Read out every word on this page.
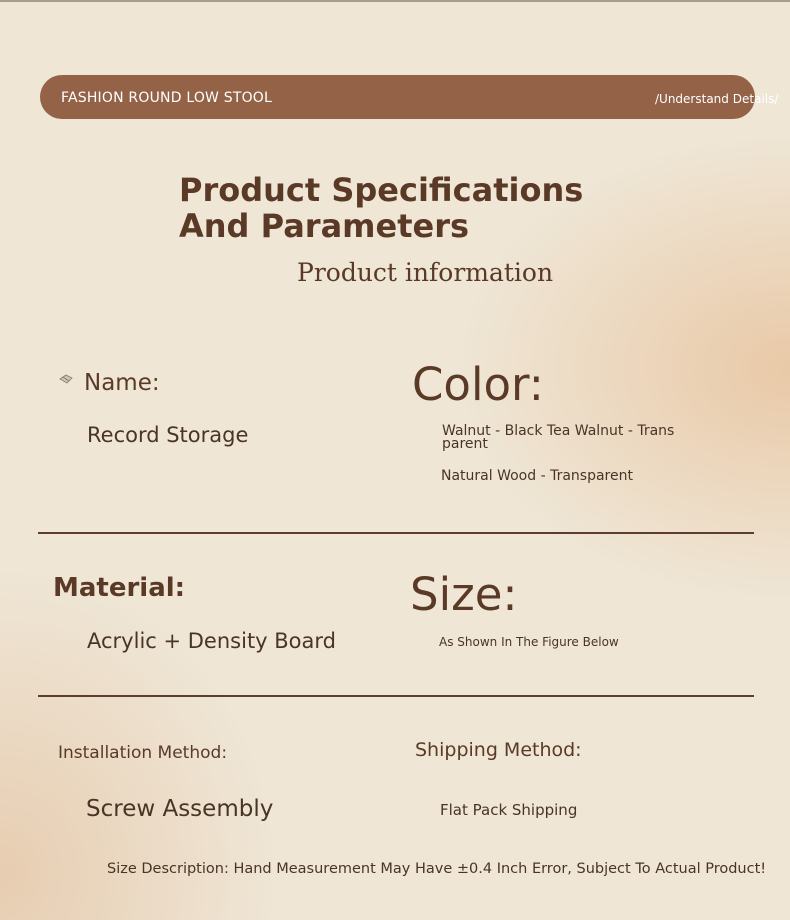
FASHION ROUND LOW STOOL	/Understand Details/
Product Specifications And Parameters
Product information
Name:
Record Storage
Color:
Walnut - Black Tea Walnut - Transparent
Natural Wood - Transparent
Material:
Acrylic + Density Board
Size:
As Shown In The Figure Below
Installation Method:
Screw Assembly
Shipping Method:
Flat Pack Shipping
Size Description: Hand Measurement May Have ±0.4 Inch Error, Subject To Actual Product!
